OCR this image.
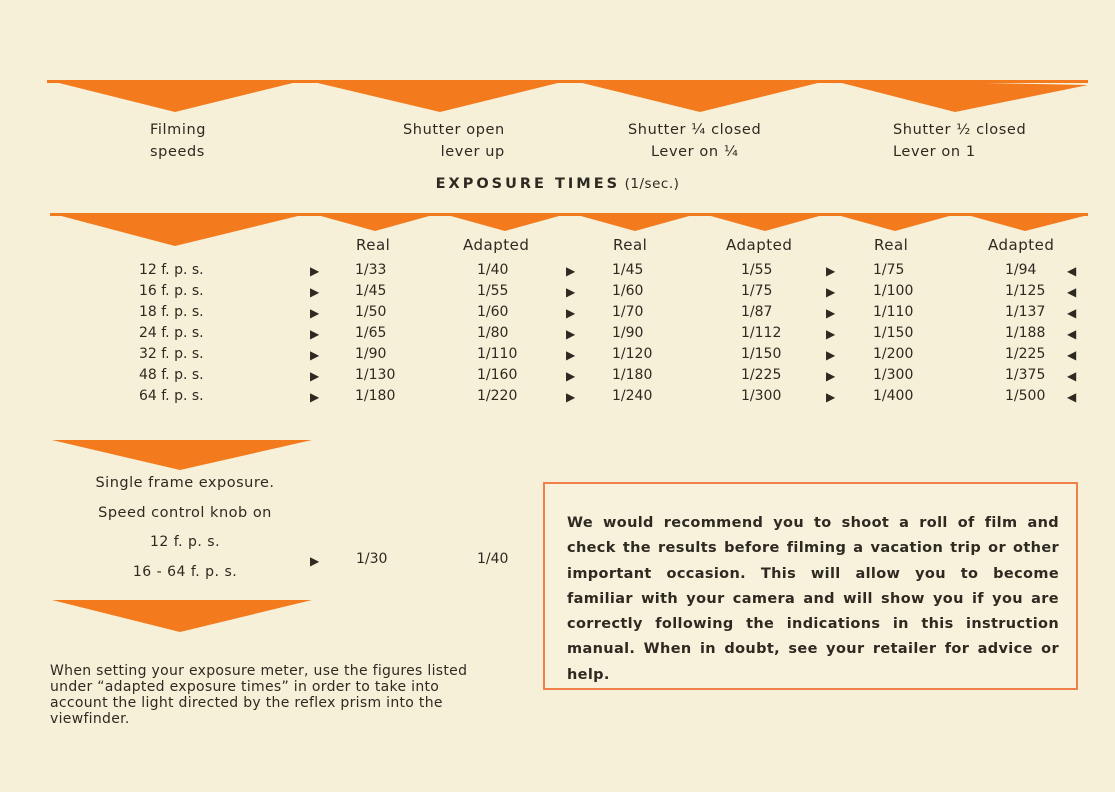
Filming
speeds
Shutter open
lever up
Shutter ¼ closed
Lever on ¼
Shutter ½ closed
Lever on 1
EXPOSURE TIMES (1/sec.)
Real	Adapted	Real	Adapted	Real	Adapted
12 f. p. s.	▶	1/33	1/40	▶	1/45	1/55	▶	1/75	1/94	◀
16 f. p. s.	▶	1/45	1/55	▶	1/60	1/75	▶	1/100	1/125 ◀
18 f. p. s.	▶	1/50	1/60	▶	1/70	1/87	▶	1/110	1/137 ◀
24 f. p. s.	▶	1/65	1/80	▶	1/90	1/112	▶	1/150	1/188 ◀
32 f. p. s.	▶	1/90	1/110	▶	1/120	1/150	▶	1/200	1/225 ◀
48 f. p. s.	▶	1/130	1/160	▶	1/180	1/225	▶	1/300	1/375 ◀
64 f. p. s.	▶	1/180	1/220	▶	1/240	1/300	▶	1/400	1/500 ◀
Single frame exposure.
Speed control knob on
12 f. p. s.
16 - 64 f. p. s.
▶	1/30	1/40
When setting your exposure meter, use the figures listed under “adapted exposure times” in order to take into account the light directed by the reflex prism into the viewfinder.

We would recommend you to shoot a roll of film and check the results before filming a vacation trip or other important occasion. This will allow you to become familiar with your camera and will show you if you are correctly following the indications in this instruction manual. When in doubt, see your retailer for advice or help.
